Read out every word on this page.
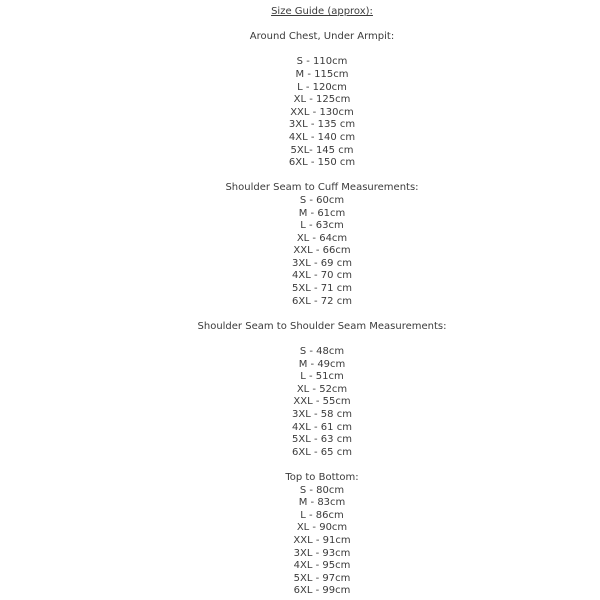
Size Guide (approx):
Around Chest, Under Armpit:
S - 110cm
M - 115cm
L - 120cm
XL - 125cm
XXL - 130cm
3XL - 135 cm
4XL - 140 cm
5XL- 145 cm
6XL - 150 cm
Shoulder Seam to Cuff Measurements:
S - 60cm
M - 61cm
L - 63cm
XL - 64cm
XXL - 66cm
3XL - 69 cm
4XL - 70 cm
5XL - 71 cm
6XL - 72 cm
Shoulder Seam to Shoulder Seam Measurements:
S - 48cm
M - 49cm
L - 51cm
XL - 52cm
XXL - 55cm
3XL - 58 cm
4XL - 61 cm
5XL - 63 cm
6XL - 65 cm
Top to Bottom:
S - 80cm
M - 83cm
L - 86cm
XL - 90cm
XXL - 91cm
3XL - 93cm
4XL - 95cm
5XL - 97cm
6XL - 99cm
